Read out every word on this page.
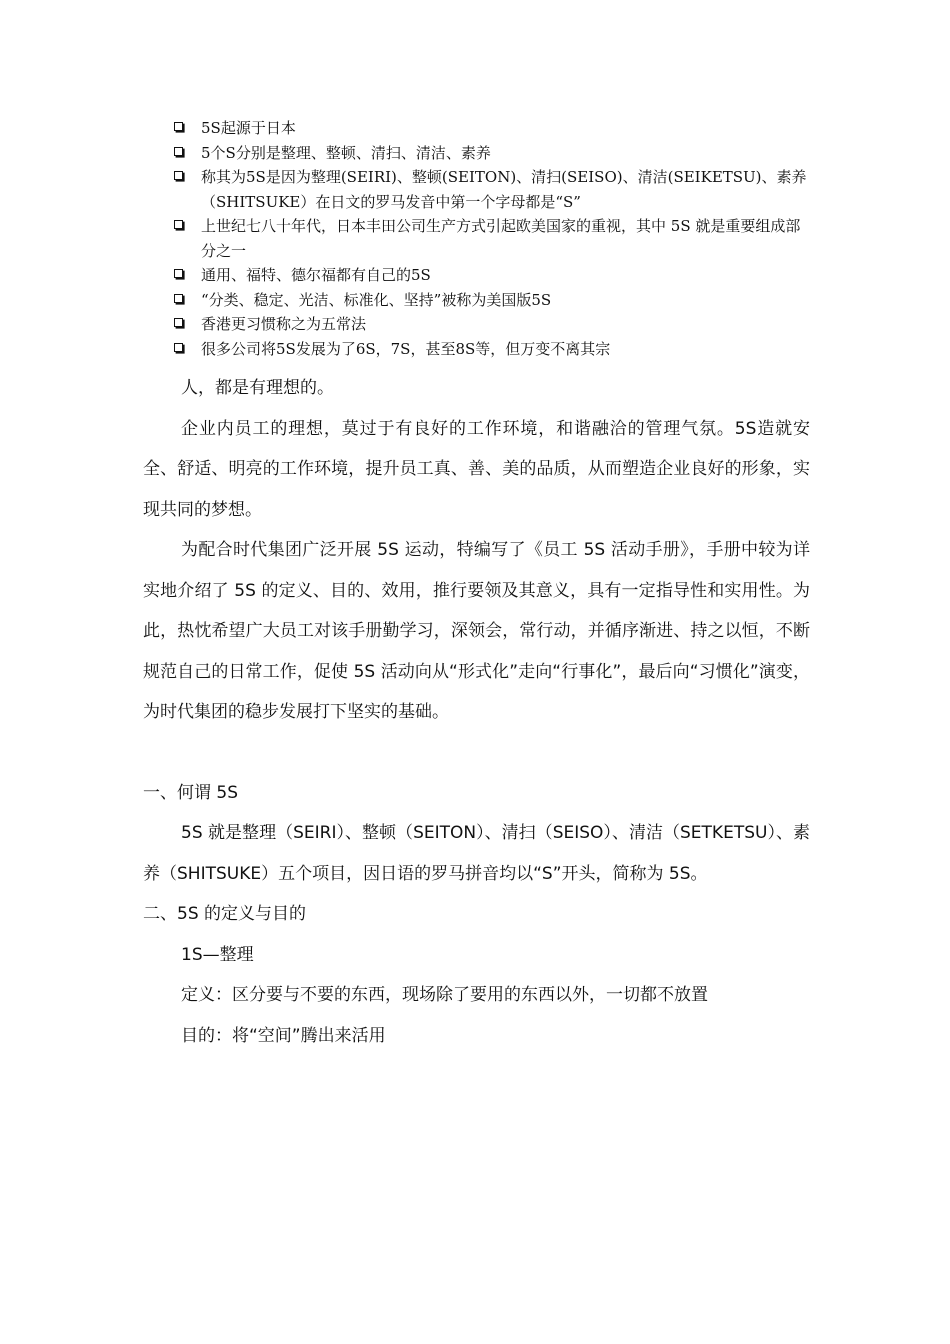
5S起源于日本
5个S分别是整理、整顿、清扫、清洁、素养
称其为5S是因为整理(SEIRI)、整顿(SEITON)、清扫(SEISO)、清洁(SEIKETSU)、素养（SHITSUKE）在日文的罗马发音中第一个字母都是“S”
上世纪七八十年代，日本丰田公司生产方式引起欧美国家的重视，其中 5S 就是重要组成部分之一
通用、福特、德尔福都有自己的5S
“分类、稳定、光洁、标准化、坚持”被称为美国版5S
香港更习惯称之为五常法
很多公司将5S发展为了6S，7S，甚至8S等，但万变不离其宗

人，都是有理想的。

企业内员工的理想，莫过于有良好的工作环境，和谐融洽的管理气氛。5S造就安全、舒适、明亮的工作环境，提升员工真、善、美的品质，从而塑造企业良好的形象，实现共同的梦想。

为配合时代集团广泛开展 5S 运动，特编写了《员工 5S 活动手册》，手册中较为详实地介绍了 5S 的定义、目的、效用，推行要领及其意义，具有一定指导性和实用性。为此，热忱希望广大员工对该手册勤学习，深领会，常行动，并循序渐进、持之以恒，不断规范自己的日常工作，促使 5S 活动向从“形式化”走向“行事化”，最后向“习惯化”演变，为时代集团的稳步发展打下坚实的基础。

一、何谓 5S

5S 就是整理（SEIRI）、整顿（SEITON）、清扫（SEISO）、清洁（SETKETSU）、素养（SHITSUKE）五个项目，因日语的罗马拼音均以“S”开头，简称为 5S。

二、5S 的定义与目的

1S—整理

定义：区分要与不要的东西，现场除了要用的东西以外，一切都不放置

目的：将“空间”腾出来活用
